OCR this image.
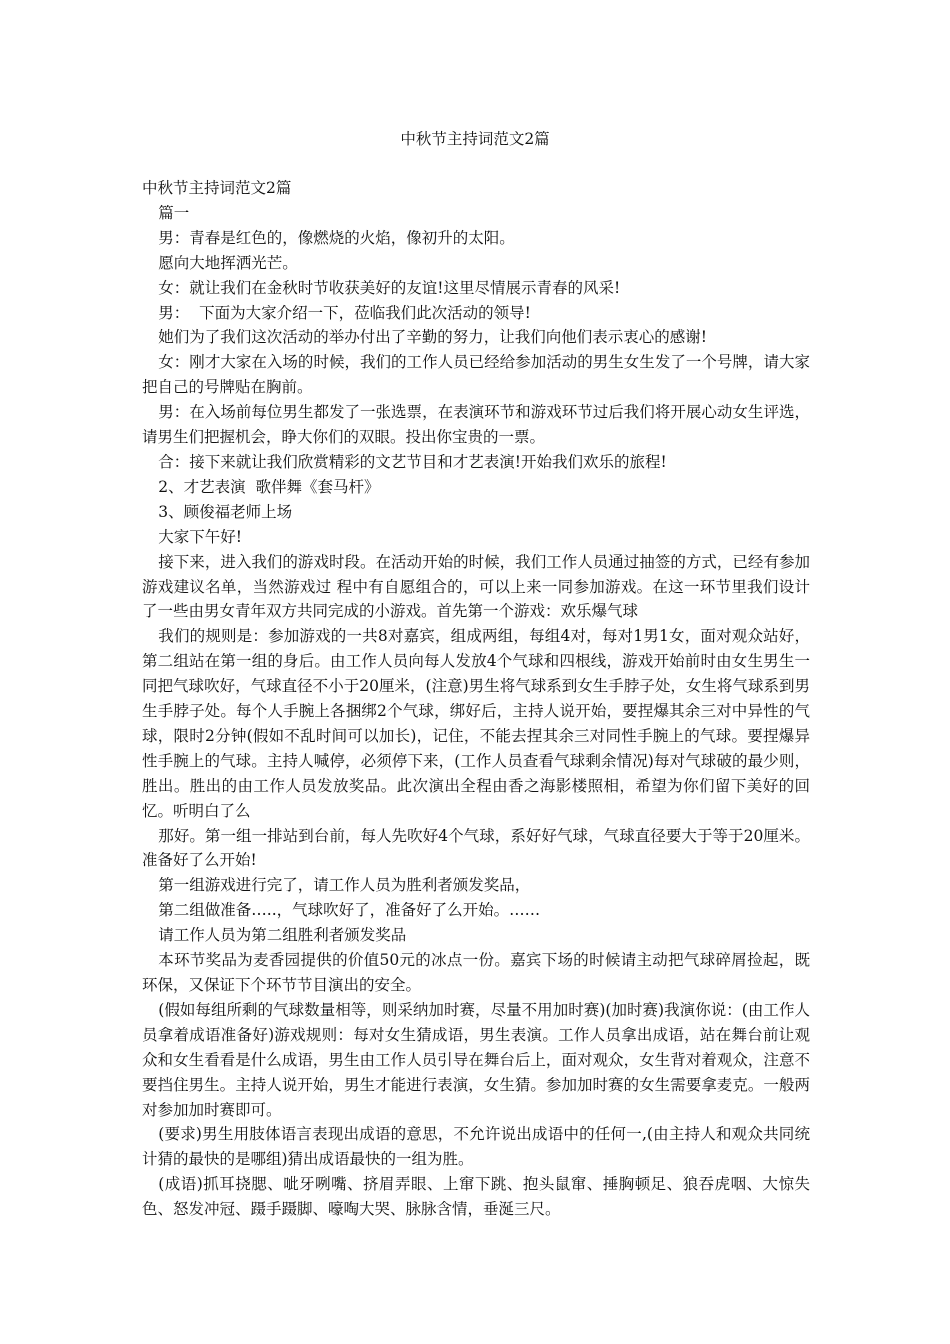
中秋节主持词范文2篇

中秋节主持词范文2篇

篇一

男：青春是红色的，像燃烧的火焰，像初升的太阳。

愿向大地挥洒光芒。

女：就让我们在金秋时节收获美好的友谊!这里尽情展示青春的风采!

男：  下面为大家介绍一下，莅临我们此次活动的领导!

她们为了我们这次活动的举办付出了辛勤的努力，让我们向他们表示衷心的感谢!

女：刚才大家在入场的时候，我们的工作人员已经给参加活动的男生女生发了一个号牌，请大家把自己的号牌贴在胸前。

男：在入场前每位男生都发了一张选票，在表演环节和游戏环节过后我们将开展心动女生评选，请男生们把握机会，睁大你们的双眼。投出你宝贵的一票。

合：接下来就让我们欣赏精彩的文艺节目和才艺表演!开始我们欢乐的旅程!

2、才艺表演  歌伴舞《套马杆》

3、顾俊福老师上场

大家下午好!

接下来，进入我们的游戏时段。在活动开始的时候，我们工作人员通过抽签的方式，已经有参加游戏建议名单，当然游戏过 程中有自愿组合的，可以上来一同参加游戏。在这一环节里我们设计了一些由男女青年双方共同完成的小游戏。首先第一个游戏：欢乐爆气球

我们的规则是：参加游戏的一共8对嘉宾，组成两组，每组4对，每对1男1女，面对观众站好，第二组站在第一组的身后。由工作人员向每人发放4个气球和四根线，游戏开始前时由女生男生一同把气球吹好，气球直径不小于20厘米，(注意)男生将气球系到女生手脖子处，女生将气球系到男生手脖子处。每个人手腕上各捆绑2个气球，绑好后，主持人说开始，要捏爆其余三对中异性的气球，限时2分钟(假如不乱时间可以加长)，记住，不能去捏其余三对同性手腕上的气球。要捏爆异性手腕上的气球。主持人喊停，必须停下来，(工作人员查看气球剩余情况)每对气球破的最少则，胜出。胜出的由工作人员发放奖品。此次演出全程由香之海影楼照相，希望为你们留下美好的回忆。听明白了么

那好。第一组一排站到台前，每人先吹好4个气球，系好好气球，气球直径要大于等于20厘米。准备好了么开始!

第一组游戏进行完了，请工作人员为胜利者颁发奖品，

第二组做准备…..，气球吹好了，准备好了么开始。……

请工作人员为第二组胜利者颁发奖品

本环节奖品为麦香园提供的价值50元的冰点一份。嘉宾下场的时候请主动把气球碎屑捡起，既环保，又保证下个环节节目演出的安全。

(假如每组所剩的气球数量相等，则采纳加时赛，尽量不用加时赛)(加时赛)我演你说：(由工作人员拿着成语准备好)游戏规则：每对女生猜成语，男生表演。工作人员拿出成语，站在舞台前让观众和女生看看是什么成语，男生由工作人员引导在舞台后上，面对观众，女生背对着观众，注意不要挡住男生。主持人说开始，男生才能进行表演，女生猜。参加加时赛的女生需要拿麦克。一般两对参加加时赛即可。

(要求)男生用肢体语言表现出成语的意思，不允许说出成语中的任何一,(由主持人和观众共同统计猜的最快的是哪组)猜出成语最快的一组为胜。

(成语)抓耳挠腮、呲牙咧嘴、挤眉弄眼、上窜下跳、抱头鼠窜、捶胸顿足、狼吞虎咽、大惊失色、怒发冲冠、蹑手蹑脚、嚎啕大哭、脉脉含情，垂涎三尺。
